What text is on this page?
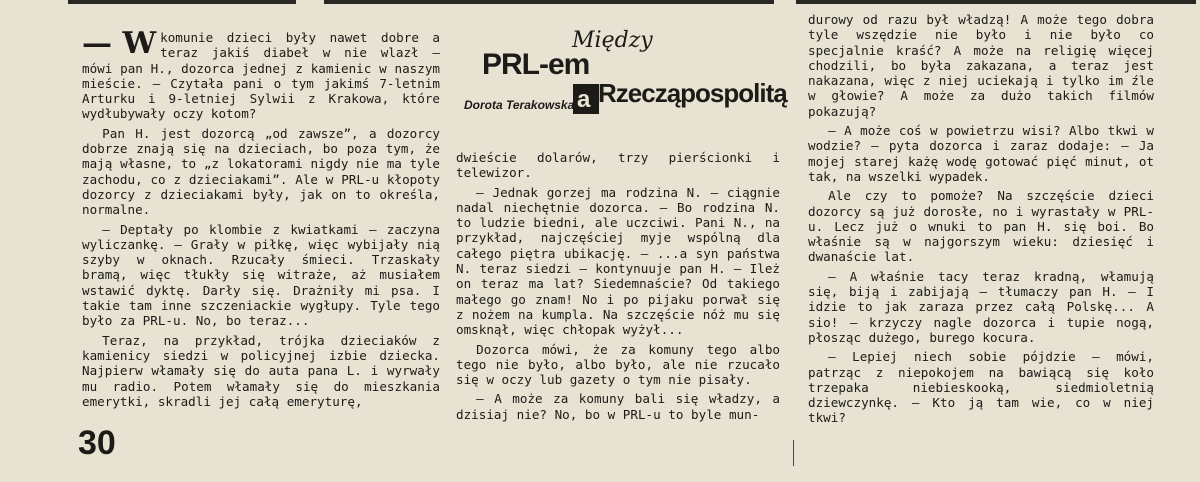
— W komunie dzieci były nawet dobre a teraz jakiś diabeł w nie wlazł — mówi pan H., dozorca jednej z kamienic w naszym mieście. — Czytała pani o tym jakimś 7-letnim Arturku i 9-letniej Sylwii z Krakowa, które wydłubywały oczy kotom?

Pan H. jest dozorcą „od zawsze”, a dozorcy dobrze znają się na dzieciach, bo poza tym, że mają własne, to „z lokatorami nigdy nie ma tyle zachodu, co z dzieciakami”. Ale w PRL-u kłopoty dozorcy z dzieciakami były, jak on to określa, normalne.

— Deptały po klombie z kwiatkami — zaczyna wyliczankę. — Grały w piłkę, więc wybijały nią szyby w oknach. Rzucały śmieci. Trzaskały bramą, więc tłukły się witraże, aż musiałem wstawić dyktę. Darły się. Drażniły mi psa. I takie tam inne szczeniackie wygłupy. Tyle tego było za PRL-u. No, bo teraz...

Teraz, na przykład, trójka dzieciaków z kamienicy siedzi w policyjnej izbie dziecka. Najpierw włamały się do auta pana L. i wyrwały mu radio. Potem włamały się do mieszkania emerytki, skradli jej całą emeryturę,

PRL-em
Między
a Rzecząpospolitą
Dorota Terakowska

dwieście dolarów, trzy pierścionki i telewizor.

— Jednak gorzej ma rodzina N. — ciągnie nadal niechętnie dozorca. — Bo rodzina N. to ludzie biedni, ale uczciwi. Pani N., na przykład, najczęściej myje wspólną dla całego piętra ubikację. — ...a syn państwa N. teraz siedzi — kontynuuje pan H. — Ileż on teraz ma lat? Siedemnaście? Od takiego małego go znam! No i po pijaku porwał się z nożem na kumpla. Na szczęście nóż mu się omsknął, więc chłopak wyżył...

Dozorca mówi, że za komuny tego albo tego nie było, albo było, ale nie rzucało się w oczy lub gazety o tym nie pisały.

— A może za komuny bali się władzy, a dzisiaj nie? No, bo w PRL-u to byle mun-

durowy od razu był władzą! A może tego dobra tyle wszędzie nie było i nie było co specjalnie kraść? A może na religię więcej chodzili, bo była zakazana, a teraz jest nakazana, więc z niej uciekają i tylko im źle w głowie? A może za dużo takich filmów pokazują?

— A może coś w powietrzu wisi? Albo tkwi w wodzie? — pyta dozorca i zaraz dodaje: — Ja mojej starej każę wodę gotować pięć minut, ot tak, na wszelki wypadek.

Ale czy to pomoże? Na szczęście dzieci dozorcy są już dorosłe, no i wyrastały w PRL-u. Lecz już o wnuki to pan H. się boi. Bo właśnie są w najgorszym wieku: dziesięć i dwanaście lat.

— A właśnie tacy teraz kradną, włamują się, biją i zabijają — tłumaczy pan H. — I idzie to jak zaraza przez całą Polskę... A sio! — krzyczy nagle dozorca i tupie nogą, płosząc dużego, burego kocura.

— Lepiej niech sobie pójdzie — mówi, patrząc z niepokojem na bawiącą się koło trzepaka niebieskooką, siedmioletnią dziewczynkę. — Kto ją tam wie, co w niej tkwi?

30
